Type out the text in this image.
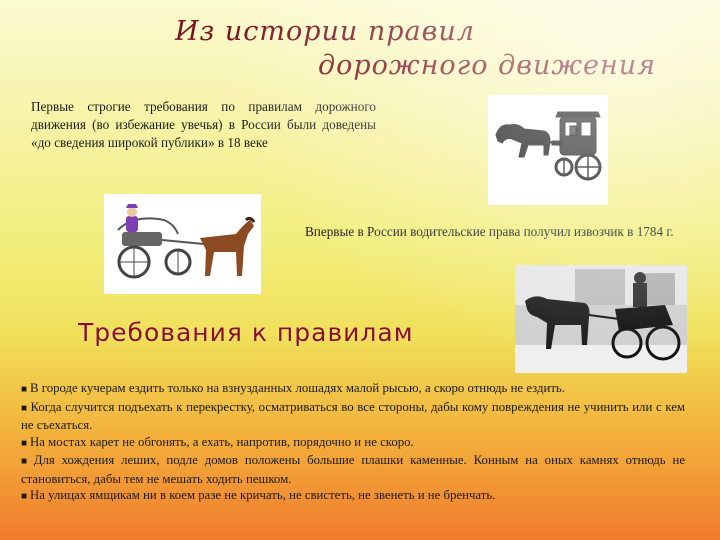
Из истории правил
дорожного движения
Первые строгие требования по правилам дорожного движения (во избежание увечья) в России были доведены «до сведения широкой публики» в 18 веке
Впервые в России водительские права получил извозчик в 1784 г.
Требования к правилам

■ В городе кучерам ездить только на взнузданных лошадях малой рысью, а скоро отнюдь не ездить.

■ Когда случится подъехать к перекрестку, осматриваться во все стороны, дабы кому повреждения не учинить или с кем не съехаться.

■ На мостах карет не обгонять, а ехать, напротив, порядочно и не скоро.

■ Для хождения леших, подле домов положены большие плашки каменные. Конным на оных камнях отнюдь не становиться, дабы тем не мешать ходить пешком.

■ На улицах ямщикам ни в коем разе не кричать, не свистеть, не звенеть и не бренчать.
